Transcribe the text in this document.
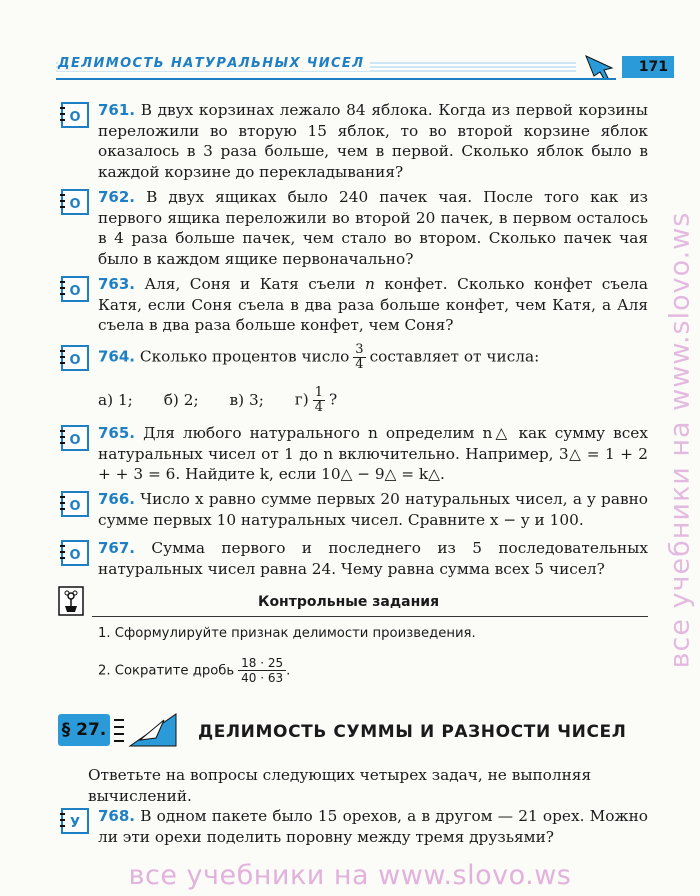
ДЕЛИМОСТЬ НАТУРАЛЬНЫХ ЧИСЕЛ	171
О 761. В двух корзинах лежало 84 яблока. Когда из первой корзины переложили во вторую 15 яблок, то во второй корзине яблок оказалось в 3 раза больше, чем в первой. Сколько яблок было в каждой корзине до перекладывания?
О 762. В двух ящиках было 240 пачек чая. После того как из первого ящика переложили во второй 20 пачек, в первом осталось в 4 раза больше пачек, чем стало во втором. Сколько пачек чая было в каждом ящике первоначально?
О 763. Аля, Соня и Катя съели n конфет. Сколько конфет съела Катя, если Соня съела в два раза больше конфет, чем Катя, а Аля съела в два раза больше конфет, чем Соня?
О 764. Сколько процентов число $\frac{3}{4}$ составляет от числа:
а) 1; б) 2; в) 3; $г) \frac{1}{4}$ ?
О 765. Для любого натурального n определим n△ как сумму всех натуральных чисел от 1 до n включительно. Например, 3△ = 1 + 2 + + 3 = 6. Найдите k, если 10△ − 9△ = k△.
О 766. Число x равно сумме первых 20 натуральных чисел, а y равно сумме первых 10 натуральных чисел. Сравните x − y и 100.
О 767. Сумма первого и последнего из 5 последовательных натуральных чисел равна 24. Чему равна сумма всех 5 чисел?
Контрольные задания
1. Сформулируйте признак делимости произведения.
2. Сократите дробь $\frac{18 \cdot 25}{40 \cdot 63}$ .
§ 27.	ДЕЛИМОСТЬ СУММЫ И РАЗНОСТИ ЧИСЕЛ
Ответьте на вопросы следующих четырех задач, не выполняя вычислений.
У 768. В одном пакете было 15 орехов, а в другом — 21 орех. Можно ли эти орехи поделить поровну между тремя друзьями?
все учебники на www.slovo.ws
все учебники на www.slovo.ws
